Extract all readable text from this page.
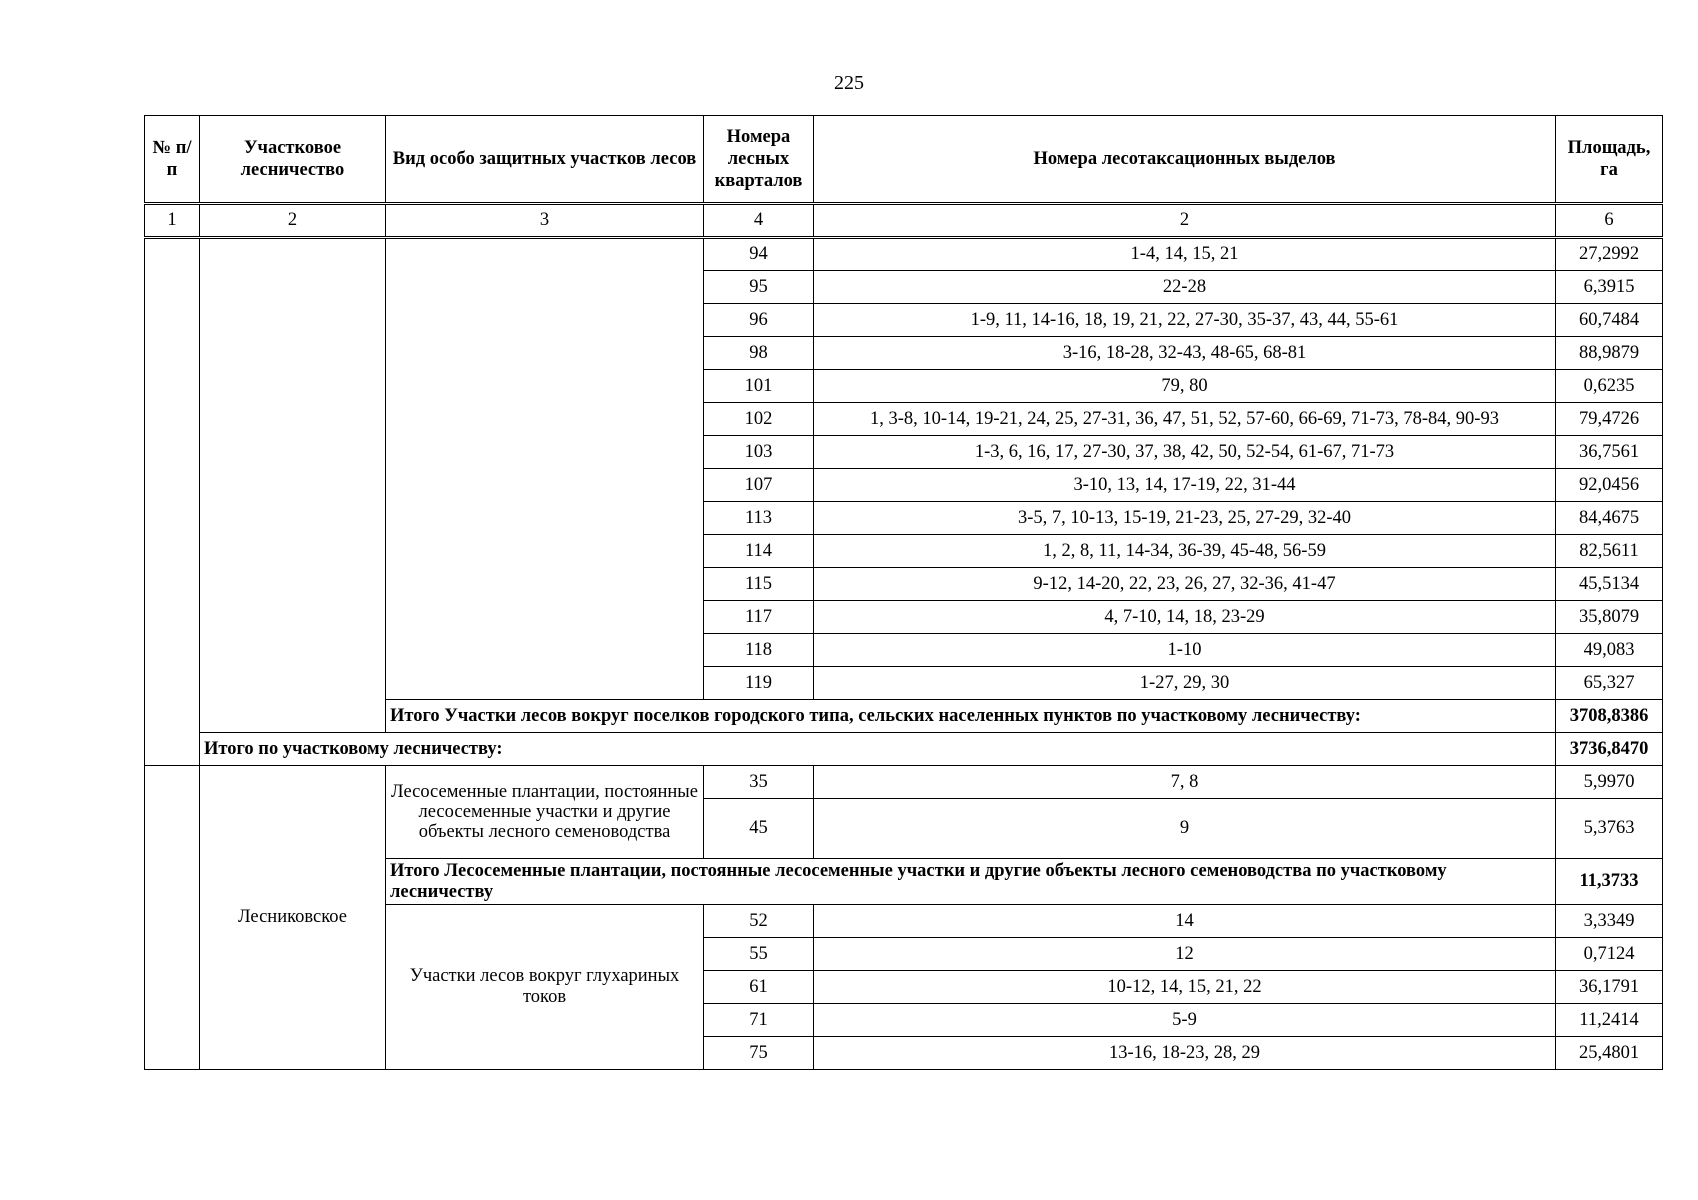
225
№ п/п	Участковое лесничество	Вид особо защитных участков лесов	Номера лесных кварталов	Номера лесотаксационных выделов	Площадь, га
1	2	3	4	2	6
			94	1-4, 14, 15, 21	27,2992
			95	22-28	6,3915
			96	1-9, 11, 14-16, 18, 19, 21, 22, 27-30, 35-37, 43, 44, 55-61	60,7484
			98	3-16, 18-28, 32-43, 48-65, 68-81	88,9879
			101	79, 80	0,6235
			102	1, 3-8, 10-14, 19-21, 24, 25, 27-31, 36, 47, 51, 52, 57-60, 66-69, 71-73, 78-84, 90-93	79,4726
			103	1-3, 6, 16, 17, 27-30, 37, 38, 42, 50, 52-54, 61-67, 71-73	36,7561
			107	3-10, 13, 14, 17-19, 22, 31-44	92,0456
			113	3-5, 7, 10-13, 15-19, 21-23, 25, 27-29, 32-40	84,4675
			114	1, 2, 8, 11, 14-34, 36-39, 45-48, 56-59	82,5611
			115	9-12, 14-20, 22, 23, 26, 27, 32-36, 41-47	45,5134
			117	4, 7-10, 14, 18, 23-29	35,8079
			118	1-10	49,083
			119	1-27, 29, 30	65,327
		Итого Участки лесов вокруг поселков городского типа, сельских населенных пунктов по участковому лесничеству:			3708,8386
	Итого по участковому лесничеству:				3736,8470
	Лесниковское	Лесосеменные плантации, постоянные лесосеменные участки и другие объекты лесного семеноводства	35	7, 8	5,9970
			45	9	5,3763
		Итого Лесосеменные плантации, постоянные лесосеменные участки и другие объекты лесного семеноводства по участковому лесничеству			11,3733
		Участки лесов вокруг глухариных токов	52	14	3,3349
			55	12	0,7124
			61	10-12, 14, 15, 21, 22	36,1791
			71	5-9	11,2414
			75	13-16, 18-23, 28, 29	25,4801
